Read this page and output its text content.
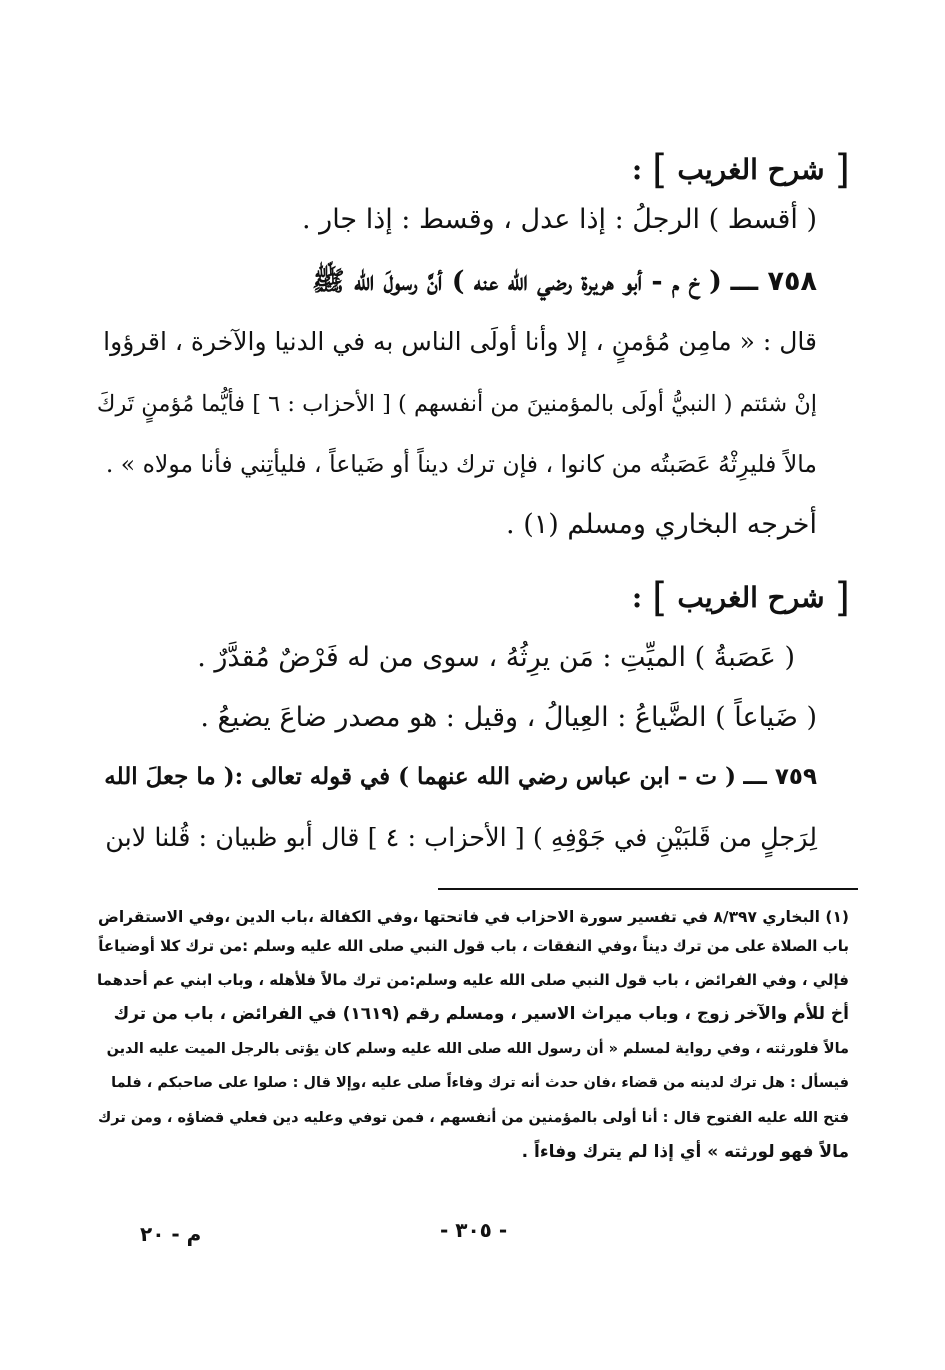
[ شرح الغريب ] :
( أقسط ) الرجلُ : إذا عدل ، وقسط : إذا جار .
٧٥٨ ـــ ( خ م - أبو هريرة رضي الله عنه ) أنَّ رسولَ الله ﷺ
قال : « مامِن مُؤمنٍ ، إلا وأنا أولَى الناس به في الدنيا والآخرة ، اقرؤوا
إنْ شئتم ( النبيُّ أولَى بالمؤمنينَ من أنفسهم ) [ الأحزاب : ٦ ] فأيُّما مُؤمنٍ تَركَ
مالاً فليرِثْهُ عَصَبتُه من كانوا ، فإن ترك ديناً أو ضَياعاً ، فليأتِني فأنا مولاه » .
أخرجه البخاري ومسلم (١) .
[ شرح الغريب ] :
( عَصَبةُ ) الميِّتِ : مَن يرِثُهُ ، سوى من له فَرْضٌ مُقدَّرٌ .
( ضَياعاً ) الضَّياعُ : العِيالُ ، وقيل : هو مصدر ضاعَ يضيعُ .
٧٥٩ ـــ ( ت - ابن عباس رضي الله عنهما ) في قوله تعالى :( ما جعلَ الله
لِرَجلٍ من قَلبَيْنِ في جَوْفِهِ ) [ الأحزاب : ٤ ] قال أبو ظبيان : قُلنا لابن
(١) البخاري ٨/٣٩٧ في تفسير سورة الاحزاب في فاتحتها ،وفي الكفالة ،باب الدين ،وفي الاستقراض
باب الصلاة على من ترك ديناً ،وفي النفقات ، باب قول النبي صلى الله عليه وسلم :من ترك كلا أوضياعاً
فإلي ، وفي الفرائض ، باب قول النبي صلى الله عليه وسلم:من ترك مالاً فلأهله ، وباب ابني عم أحدهما
أخ للأم والآخر زوج ، وباب ميراث الاسير ، ومسلم رقم (١٦١٩) في الفرائض ، باب من ترك
مالاً فلورثته ، وفي رواية لمسلم « أن رسول الله صلى الله عليه وسلم كان يؤتى بالرجل الميت عليه الدين
فيسأل : هل ترك لدينه من قضاء ،فان حدث أنه ترك وفاءاً صلى عليه ،وإلا قال : صلوا على صاحبكم ، فلما
فتح الله عليه الفتوح قال : أنا أولى بالمؤمنين من أنفسهم ، فمن توفي وعليه دين فعلي قضاؤه ، ومن ترك
مالاً فهو لورثته » أي إذا لم يترك وفاءاً .
- ٣٠٥ -
م - ٢٠
